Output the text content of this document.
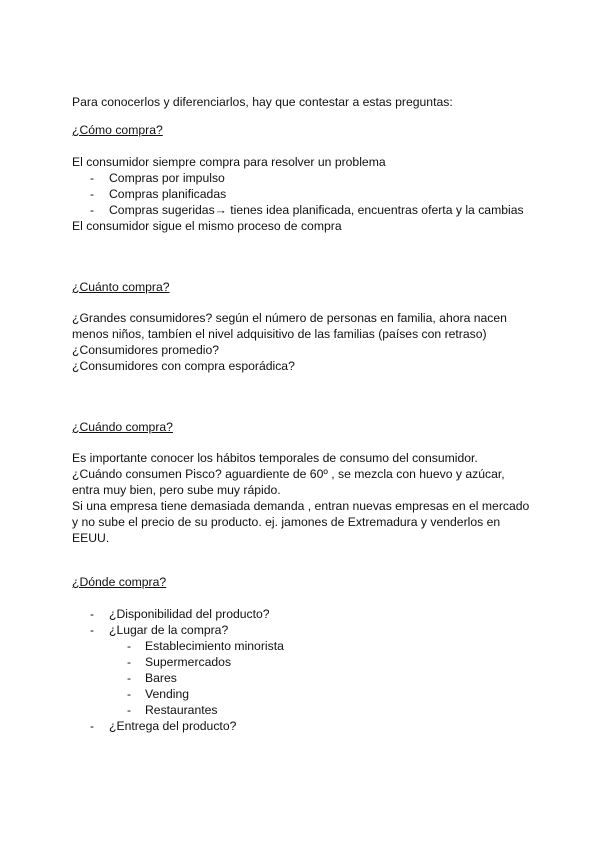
Para conocerlos y diferenciarlos, hay que contestar a estas preguntas:
¿Cómo compra?
El consumidor siempre compra para resolver un problema
- Compras por impulso
- Compras planificadas
- Compras sugeridas→ tienes idea planificada, encuentras oferta y la cambias
El consumidor sigue el mismo proceso de compra
¿Cuánto compra?
¿Grandes consumidores? según el número de personas en familia, ahora nacen
menos niños, tambíen el nivel adquisitivo de las familias (países con retraso)
¿Consumidores promedio?
¿Consumidores con compra esporádica?
¿Cuándo compra?
Es importante conocer los hábitos temporales de consumo del consumidor.
¿Cuándo consumen Pisco? aguardiente de 60º , se mezcla con huevo y azúcar,
entra muy bien, pero sube muy rápido.
Si una empresa tiene demasiada demanda , entran nuevas empresas en el mercado
y no sube el precio de su producto. ej. jamones de Extremadura y venderlos en
EEUU.
¿Dónde compra?
- ¿Disponibilidad del producto?
- ¿Lugar de la compra?
- Establecimiento minorista
- Supermercados
- Bares
- Vending
- Restaurantes
- ¿Entrega del producto?
